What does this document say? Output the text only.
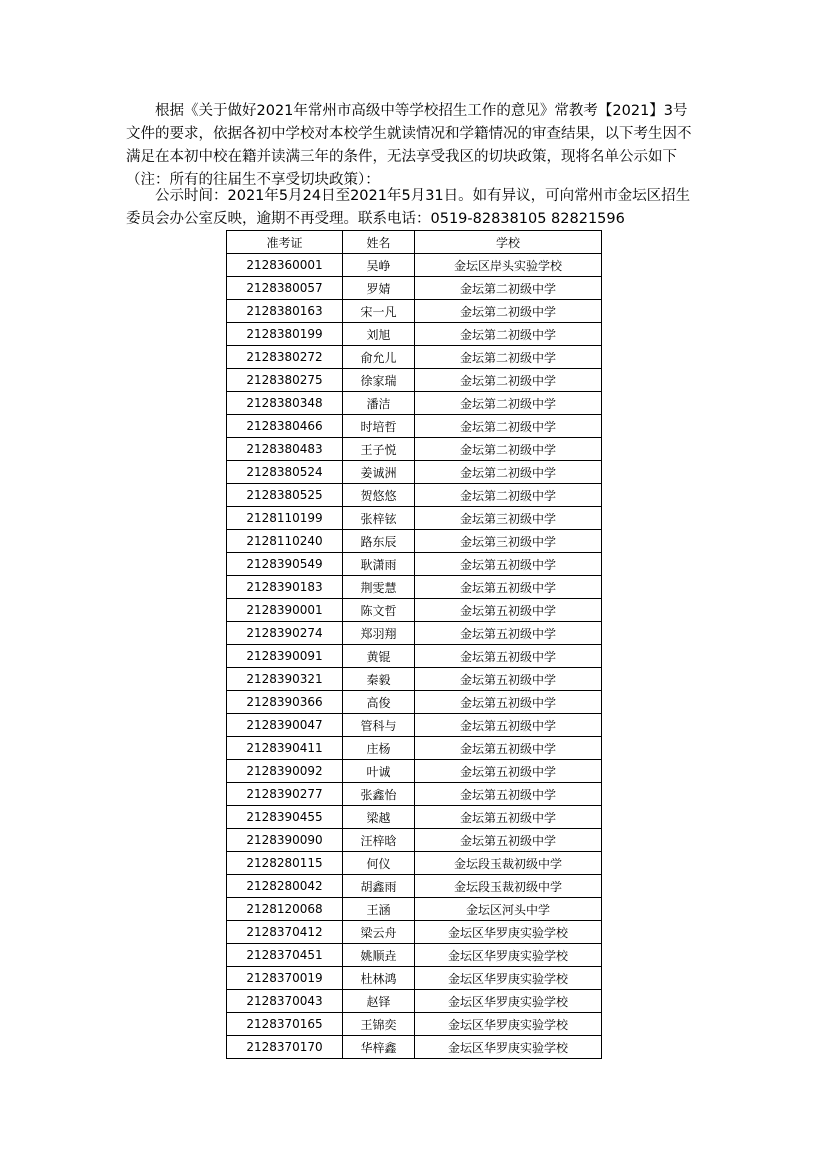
根据《关于做好2021年常州市高级中等学校招生工作的意见》常教考【2021】3号文件的要求，依据各初中学校对本校学生就读情况和学籍情况的审查结果，以下考生因不满足在本初中校在籍并读满三年的条件，无法享受我区的切块政策，现将名单公示如下（注：所有的往届生不享受切块政策）：

公示时间：2021年5月24日至2021年5月31日。如有异议，可向常州市金坛区招生委员会办公室反映，逾期不再受理。联系电话：0519-82838105 82821596

准考证	姓名	学校
2128360001	吴峥	金坛区岸头实验学校
2128380057	罗婧	金坛第二初级中学
2128380163	宋一凡	金坛第二初级中学
2128380199	刘旭	金坛第二初级中学
2128380272	俞允儿	金坛第二初级中学
2128380275	徐家瑞	金坛第二初级中学
2128380348	潘洁	金坛第二初级中学
2128380466	时培哲	金坛第二初级中学
2128380483	王子悦	金坛第二初级中学
2128380524	姜诚洲	金坛第二初级中学
2128380525	贺悠悠	金坛第二初级中学
2128110199	张梓铉	金坛第三初级中学
2128110240	路东辰	金坛第三初级中学
2128390549	耿潇雨	金坛第五初级中学
2128390183	荆雯慧	金坛第五初级中学
2128390001	陈文哲	金坛第五初级中学
2128390274	郑羽翔	金坛第五初级中学
2128390091	黄锟	金坛第五初级中学
2128390321	秦毅	金坛第五初级中学
2128390366	高俊	金坛第五初级中学
2128390047	管科与	金坛第五初级中学
2128390411	庄杨	金坛第五初级中学
2128390092	叶诚	金坛第五初级中学
2128390277	张鑫怡	金坛第五初级中学
2128390455	梁越	金坛第五初级中学
2128390090	汪梓晗	金坛第五初级中学
2128280115	何仪	金坛段玉裁初级中学
2128280042	胡鑫雨	金坛段玉裁初级中学
2128120068	王涵	金坛区河头中学
2128370412	梁云舟	金坛区华罗庚实验学校
2128370451	姚顺垚	金坛区华罗庚实验学校
2128370019	杜林鸿	金坛区华罗庚实验学校
2128370043	赵铎	金坛区华罗庚实验学校
2128370165	王锦奕	金坛区华罗庚实验学校
2128370170	华梓鑫	金坛区华罗庚实验学校
